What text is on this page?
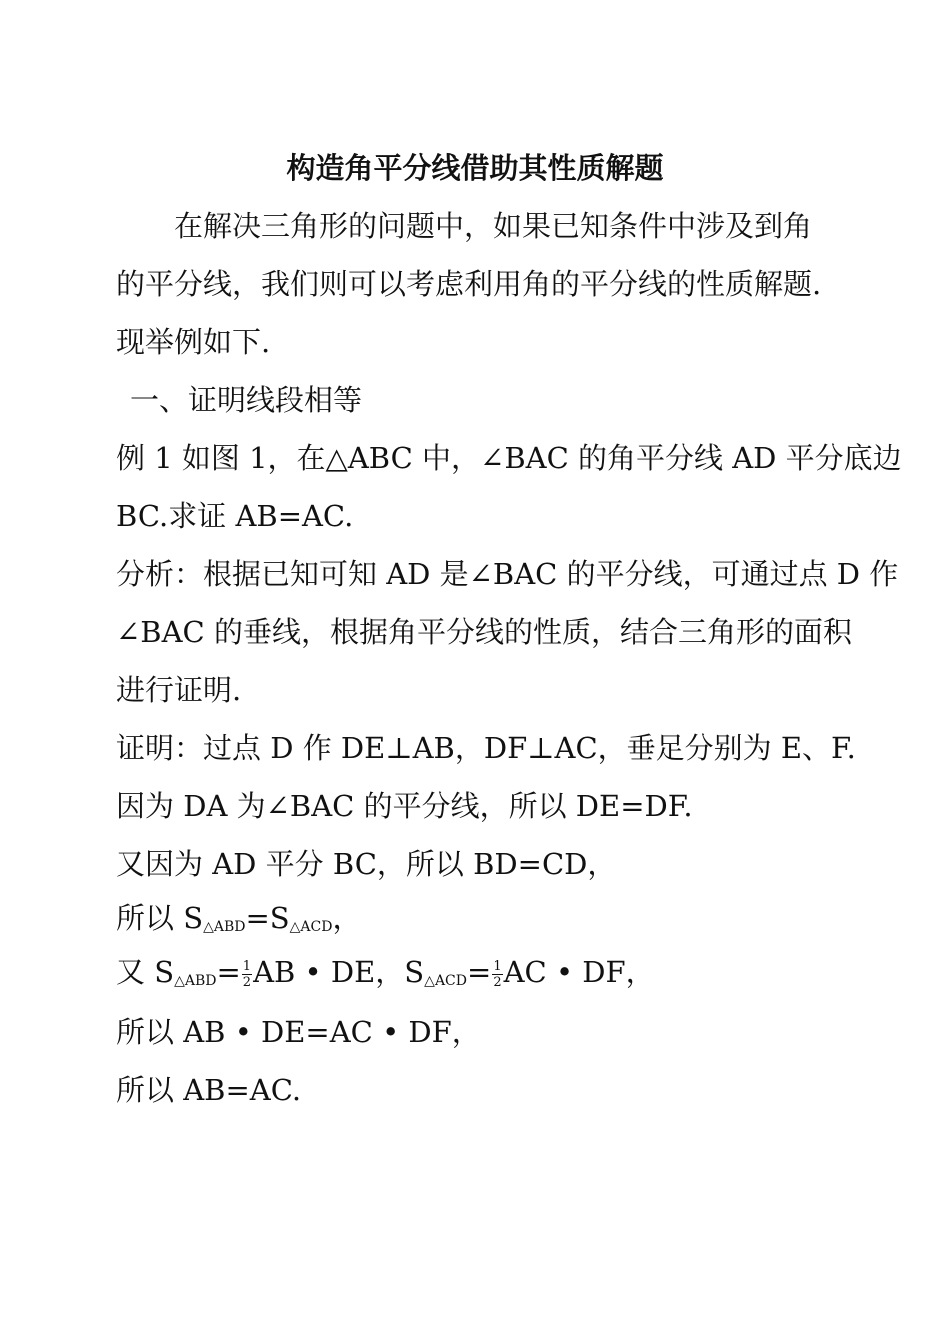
构造角平分线借助其性质解题
在解决三角形的问题中，如果已知条件中涉及到角
的平分线，我们则可以考虑利用角的平分线的性质解题.
现举例如下.
一、证明线段相等
例 1 如图 1，在△ABC 中，∠BAC 的角平分线 AD 平分底边
BC.求证 AB=AC.
分析：根据已知可知 AD 是∠BAC 的平分线，可通过点 D 作
∠BAC 的垂线，根据角平分线的性质，结合三角形的面积
进行证明.
证明：过点 D 作 DE⊥AB，DF⊥AC，垂足分别为 E、F.
因为 DA 为∠BAC 的平分线，所以 DE=DF.
又因为 AD 平分 BC，所以 BD=CD，
所以 $S_{\triangle ABD}=S_{\triangle ACD}$，
又 $S_{\triangle ABD}= \frac{1}{2}$ AB • DE，$S_{\triangle ACD}= \frac{1}{2}$ AC • DF，
所以 AB • DE=AC • DF，
所以 AB=AC.
